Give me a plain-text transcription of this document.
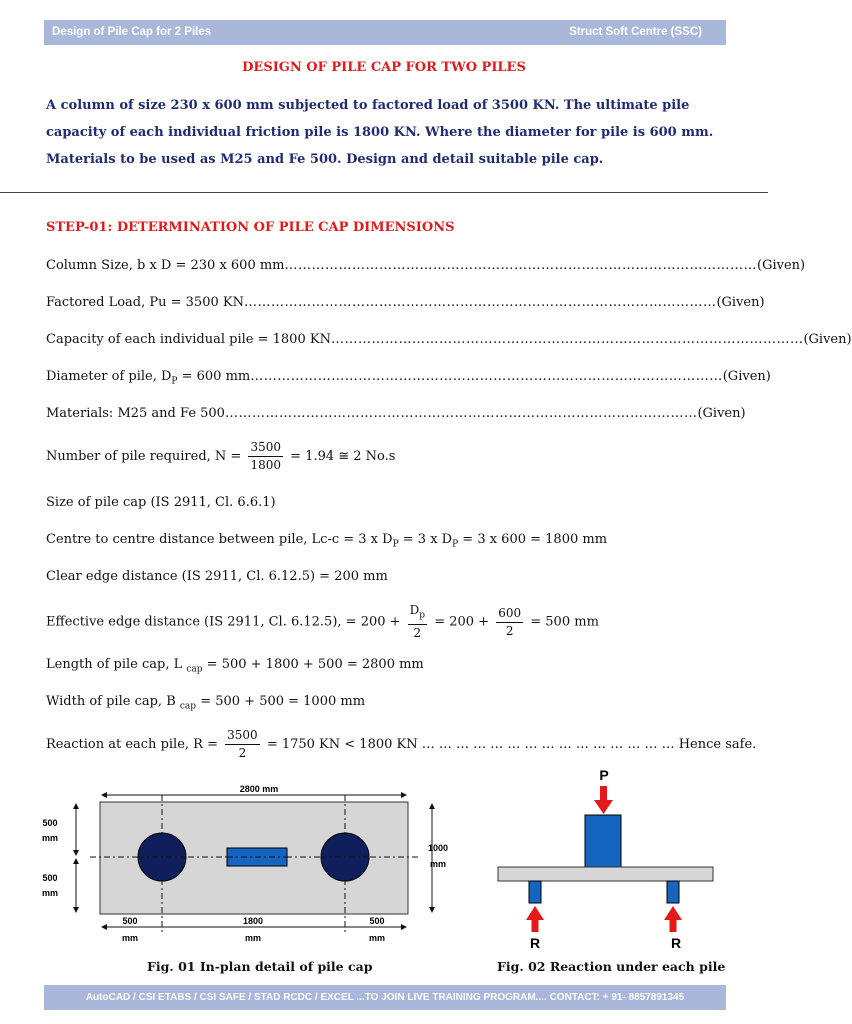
Design of Pile Cap for 2 Piles	Struct Soft Centre (SSC)
DESIGN OF PILE CAP FOR TWO PILES
A column of size 230 x 600 mm subjected to factored load of 3500 KN. The ultimate pile capacity of each individual friction pile is 1800 KN. Where the diameter for pile is 600 mm. Materials to be used as M25 and Fe 500. Design and detail suitable pile cap.
STEP-01: DETERMINATION OF PILE CAP DIMENSIONS
Column Size, b x D = 230 x 600 mm …………………………………………………………………………………………… (Given)
Factored Load, Pu = 3500 KN …………………………………………………………………………………………… (Given)
Capacity of each individual pile = 1800 KN …………………………………………………………………………………………… (Given)
Diameter of pile, $D_P = 600$ mm …………………………………………………………………………………………… (Given)
Materials: M25 and Fe 500 …………………………………………………………………………………………… (Given)
Number of pile required, $N = \frac{3500}{1800} = 1.94$ ≅ 2 No.s
Size of pile cap (IS 2911, Cl. 6.6.1)
Centre to centre distance between pile, Lc-c = 3 x $D_P = 3$ x $D_P = 3$ x 600 = 1800 mm
Clear edge distance (IS 2911, Cl. 6.12.5) = 200 mm
Effective edge distance (IS 2911, Cl. 6.12.5), = $200 + \frac{D_p}{2} = 200 + \frac{600}{2} = 500$ mm
Length of pile cap, L $_{cap}$ = 500 + 1800 + 500 = 2800 mm
Width of pile cap, B $_{cap}$ = 500 + 500 = 1000 mm
Reaction at each pile, $R = \frac{3500}{2} = 1750$ KN < 1800 KN … … … … … … … … … … … … … … … Hence safe.
2800 mm
1000
mm
500
mm
500
mm
500
mm
1800
mm
500
mm
Fig. 01 In-plan detail of pile cap
P
R	R
Fig. 02 Reaction under each pile
AutoCAD / CSI ETABS / CSI SAFE / STAD RCDC / EXCEL ...TO JOIN LIVE TRAINING PROGRAM.... CONTACT: + 91- 8857891345
